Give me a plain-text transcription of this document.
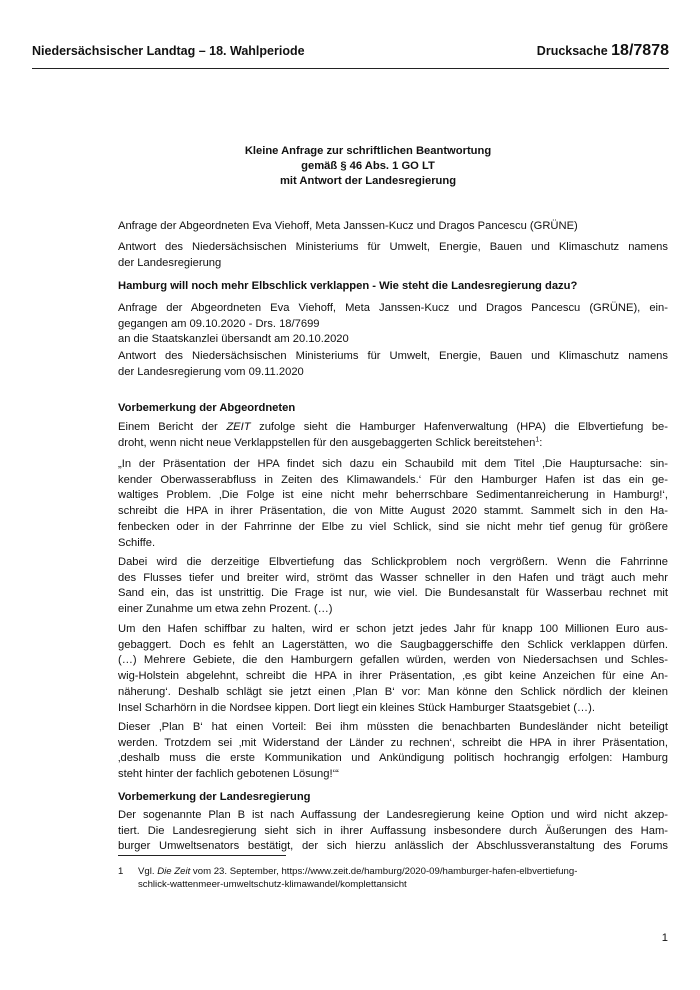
Niedersächsischer Landtag – 18. Wahlperiode	Drucksache 18/7878
Kleine Anfrage zur schriftlichen Beantwortung
gemäß § 46 Abs. 1 GO LT
mit Antwort der Landesregierung
Anfrage der Abgeordneten Eva Viehoff, Meta Janssen-Kucz und Dragos Pancescu (GRÜNE)
Antwort des Niedersächsischen Ministeriums für Umwelt, Energie, Bauen und Klimaschutz namens
der Landesregierung
Hamburg will noch mehr Elbschlick verklappen - Wie steht die Landesregierung dazu?
Anfrage der Abgeordneten Eva Viehoff, Meta Janssen-Kucz und Dragos Pancescu (GRÜNE), ein-
gegangen am 09.10.2020 - Drs. 18/7699
an die Staatskanzlei übersandt am 20.10.2020
Antwort des Niedersächsischen Ministeriums für Umwelt, Energie, Bauen und Klimaschutz namens
der Landesregierung vom 09.11.2020
Vorbemerkung der Abgeordneten
Einem Bericht der ZEIT zufolge sieht die Hamburger Hafenverwaltung (HPA) die Elbvertiefung be-
droht, wenn nicht neue Verklappstellen für den ausgebaggerten Schlick bereitstehen$^1$:
„In der Präsentation der HPA findet sich dazu ein Schaubild mit dem Titel ‚Die Hauptursache: sin-
kender Oberwasserabfluss in Zeiten des Klimawandels.‘ Für den Hamburger Hafen ist das ein ge-
waltiges Problem. ‚Die Folge ist eine nicht mehr beherrschbare Sedimentanreicherung in Hamburg!‘,
schreibt die HPA in ihrer Präsentation, die von Mitte August 2020 stammt. Sammelt sich in den Ha-
fenbecken oder in der Fahrrinne der Elbe zu viel Schlick, sind sie nicht mehr tief genug für größere
Schiffe.
Dabei wird die derzeitige Elbvertiefung das Schlickproblem noch vergrößern. Wenn die Fahrrinne
des Flusses tiefer und breiter wird, strömt das Wasser schneller in den Hafen und trägt auch mehr
Sand ein, das ist unstrittig. Die Frage ist nur, wie viel. Die Bundesanstalt für Wasserbau rechnet mit
einer Zunahme um etwa zehn Prozent. (…)
Um den Hafen schiffbar zu halten, wird er schon jetzt jedes Jahr für knapp 100 Millionen Euro aus-
gebaggert. Doch es fehlt an Lagerstätten, wo die Saugbaggerschiffe den Schlick verklappen dürfen.
(…) Mehrere Gebiete, die den Hamburgern gefallen würden, werden von Niedersachsen und Schles-
wig-Holstein abgelehnt, schreibt die HPA in ihrer Präsentation, ‚es gibt keine Anzeichen für eine An-
näherung‘. Deshalb schlägt sie jetzt einen ‚Plan B‘ vor: Man könne den Schlick nördlich der kleinen
Insel Scharhörn in die Nordsee kippen. Dort liegt ein kleines Stück Hamburger Staatsgebiet (…).
Dieser ‚Plan B‘ hat einen Vorteil: Bei ihm müssten die benachbarten Bundesländer nicht beteiligt
werden. Trotzdem sei ‚mit Widerstand der Länder zu rechnen‘, schreibt die HPA in ihrer Präsentation,
‚deshalb muss die erste Kommunikation und Ankündigung politisch hochrangig erfolgen: Hamburg
steht hinter der fachlich gebotenen Lösung!‘“
Vorbemerkung der Landesregierung
Der sogenannte Plan B ist nach Auffassung der Landesregierung keine Option und wird nicht akzep-
tiert. Die Landesregierung sieht sich in ihrer Auffassung insbesondere durch Äußerungen des Ham-
burger Umweltsenators bestätigt, der sich hierzu anlässlich der Abschlussveranstaltung des Forums
1 Vgl. Die Zeit vom 23. September, https://www.zeit.de/hamburg/2020-09/hamburger-hafen-elbvertiefung-
schlick-wattenmeer-umweltschutz-klimawandel/komplettansicht
1
